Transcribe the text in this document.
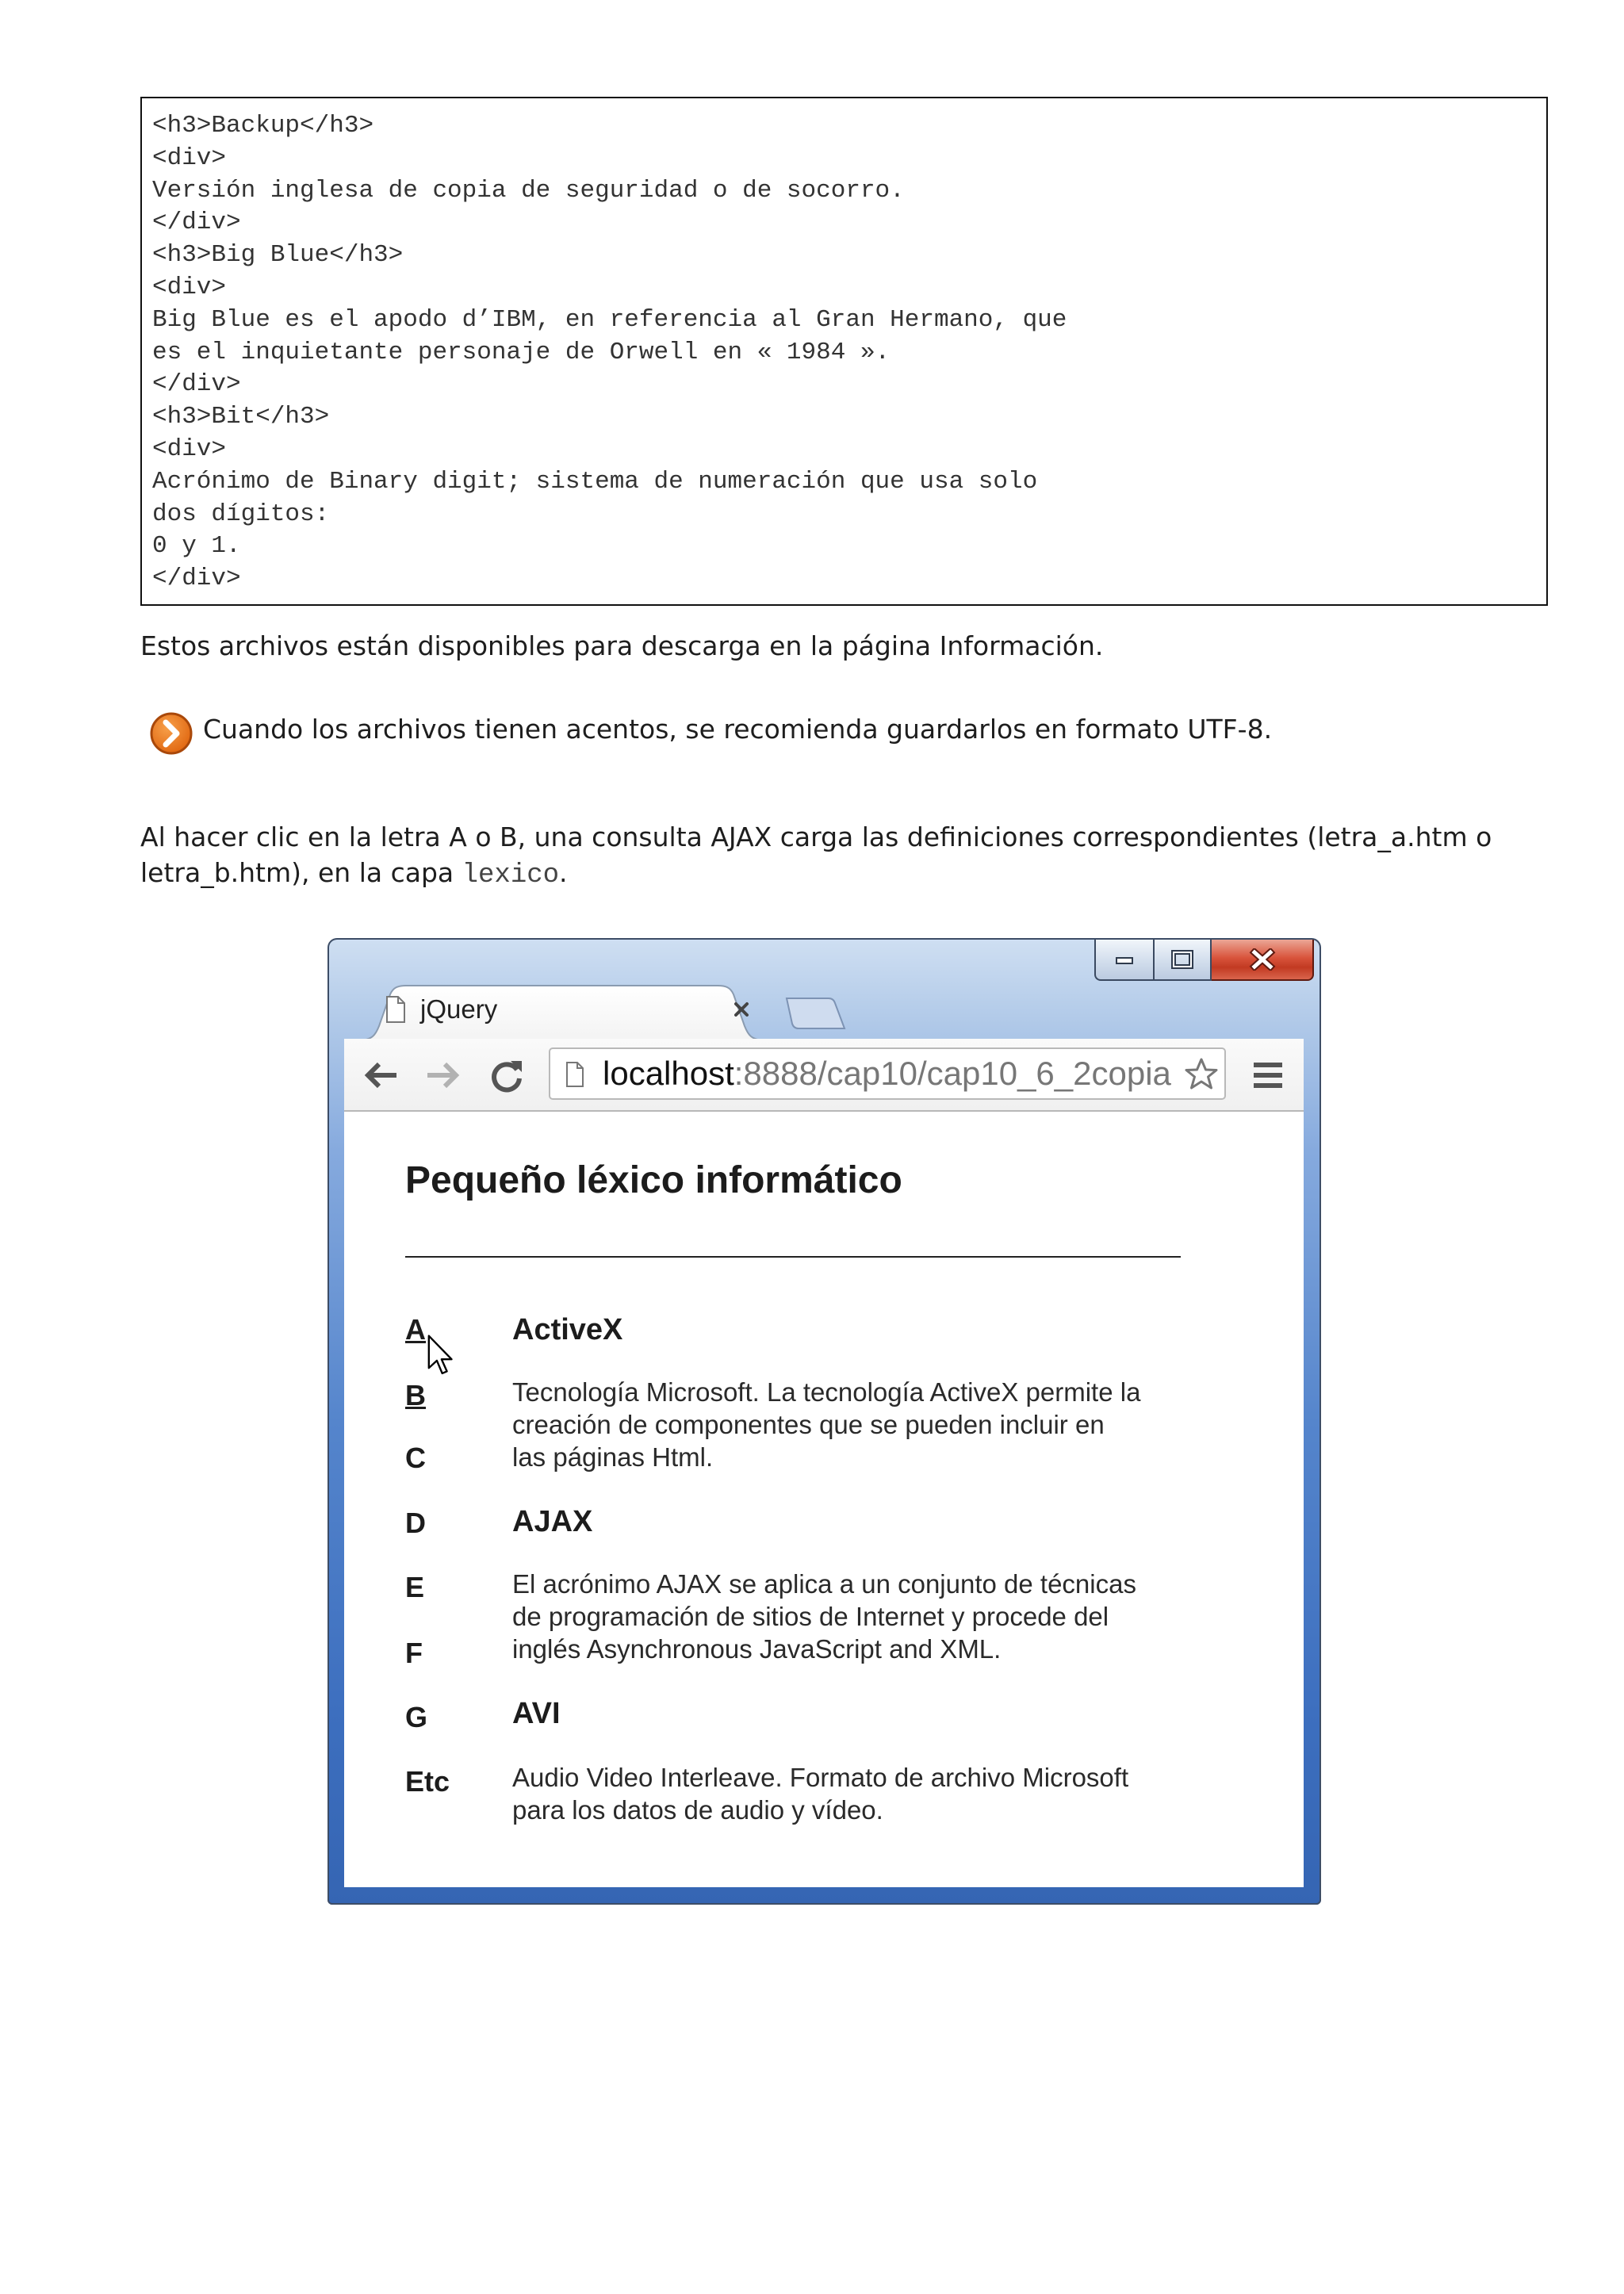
<h3>Backup</h3>
<div>
Versión inglesa de copia de seguridad o de socorro.
</div>
<h3>Big Blue</h3>
<div>
Big Blue es el apodo d’IBM, en referencia al Gran Hermano, que
es el inquietante personaje de Orwell en « 1984 ».
</div>
<h3>Bit</h3>
<div>
Acrónimo de Binary digit; sistema de numeración que usa solo
dos dígitos:
0 y 1.
</div>
Estos archivos están disponibles para descarga en la página Información.
Cuando los archivos tienen acentos, se recomienda guardarlos en formato UTF-8.
Al hacer clic en la letra A o B, una consulta AJAX carga las definiciones correspondientes (letra_a.htm o
letra_b.htm), en la capa lexico.
jQuery
localhost:8888/cap10/cap10_6_2copia
Pequeño léxico informático
A
B
C
D
E
F
G
Etc
ActiveX
Tecnología Microsoft. La tecnología ActiveX permite la
creación de componentes que se pueden incluir en
las páginas Html.
AJAX
El acrónimo AJAX se aplica a un conjunto de técnicas
de programación de sitios de Internet y procede del
inglés Asynchronous JavaScript and XML.
AVI
Audio Video Interleave. Formato de archivo Microsoft
para los datos de audio y vídeo.
